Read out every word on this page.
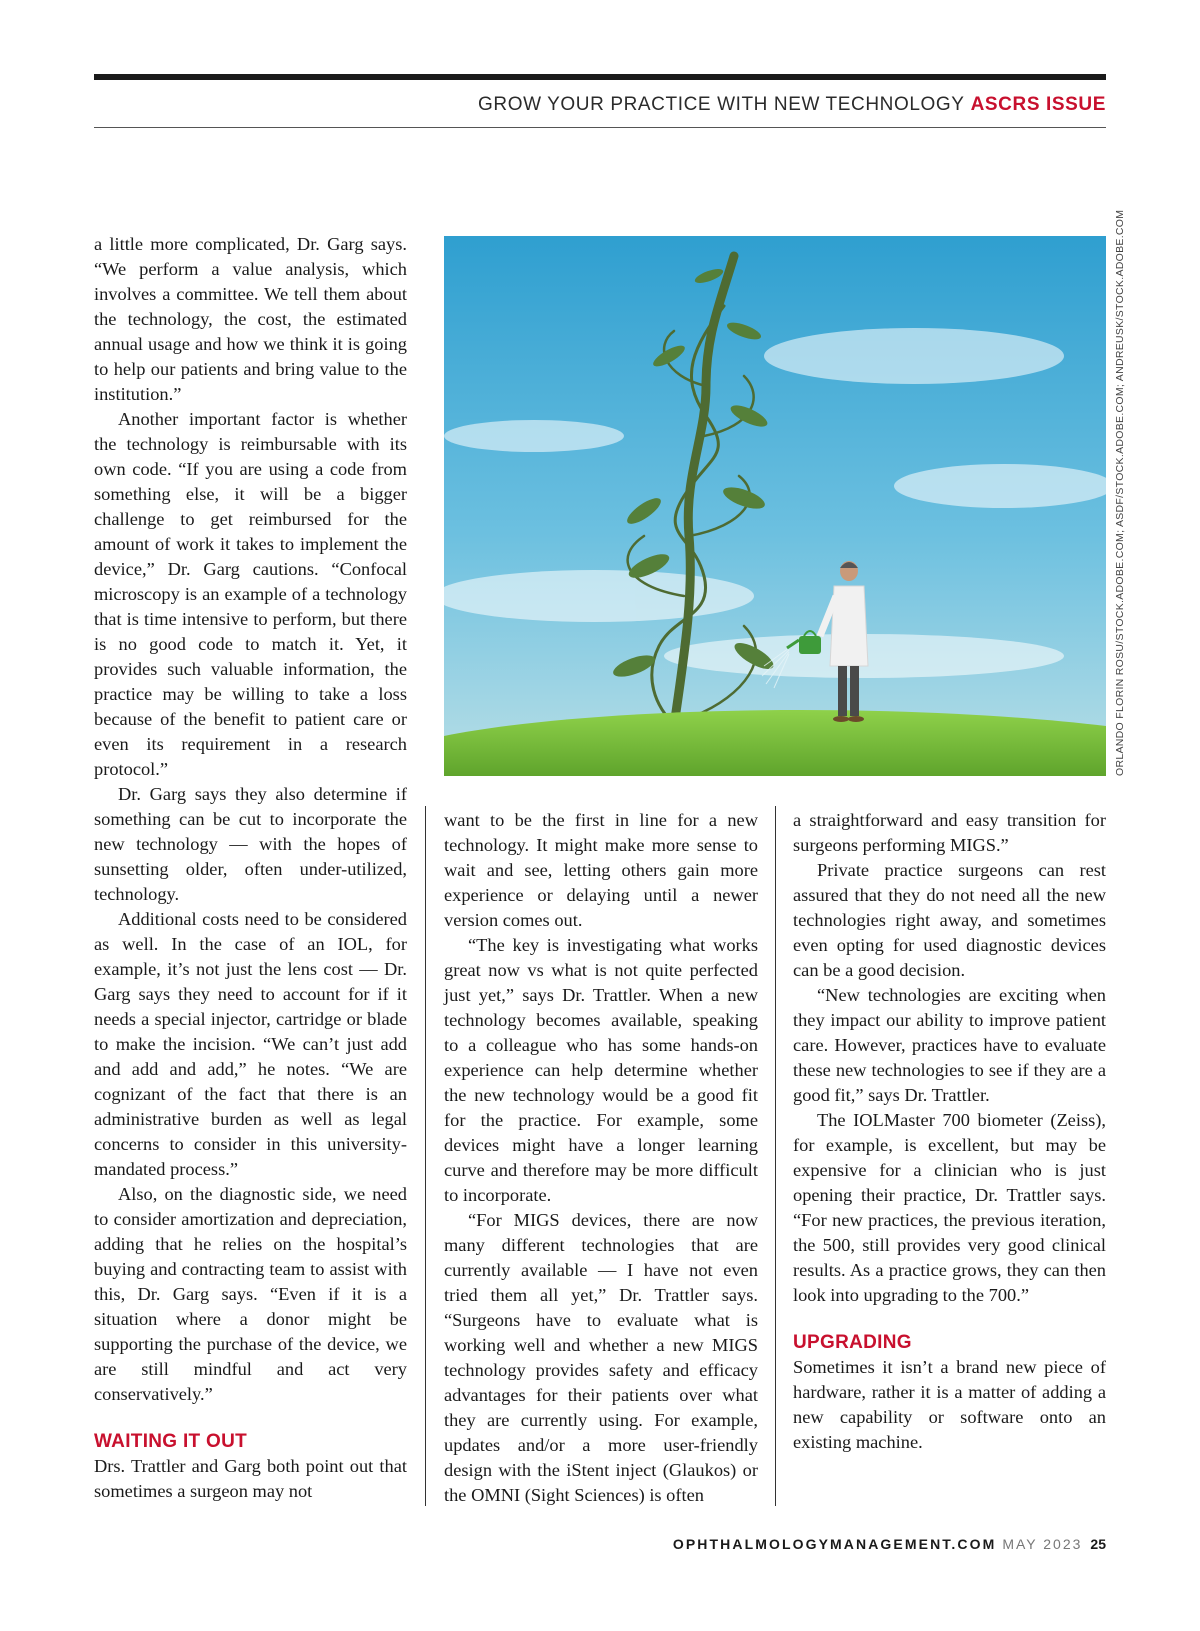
GROW YOUR PRACTICE WITH NEW TECHNOLOGY ASCRS ISSUE

a little more complicated, Dr. Garg says. “We perform a value analysis, which involves a committee. We tell them about the technology, the cost, the estimated annual usage and how we think it is going to help our patients and bring value to the institution.”

Another important factor is whether the technology is reimbursable with its own code. “If you are using a code from something else, it will be a bigger challenge to get reimbursed for the amount of work it takes to implement the device,” Dr. Garg cautions. “Confocal microscopy is an example of a technology that is time intensive to perform, but there is no good code to match it. Yet, it provides such valuable information, the practice may be willing to take a loss because of the benefit to patient care or even its requirement in a research protocol.”

Dr. Garg says they also determine if something can be cut to incorporate the new technology — with the hopes of sunsetting older, often under-utilized, technology.

Additional costs need to be considered as well. In the case of an IOL, for example, it’s not just the lens cost — Dr. Garg says they need to account for if it needs a special injector, cartridge or blade to make the incision. “We can’t just add and add and add,” he notes. “We are cognizant of the fact that there is an administrative burden as well as legal concerns to consider in this university-mandated process.”

Also, on the diagnostic side, we need to consider amortization and depreciation, adding that he relies on the hospital’s buying and contracting team to assist with this, Dr. Garg says. “Even if it is a situation where a donor might be supporting the purchase of the device, we are still mindful and act very conservatively.”

WAITING IT OUT

Drs. Trattler and Garg both point out that sometimes a surgeon may not

ORLANDO FLORIN ROSU/STOCK.ADOBE.COM; ASDF/STOCK.ADOBE.COM; ANDREUSK/STOCK.ADOBE.COM

want to be the first in line for a new technology. It might make more sense to wait and see, letting others gain more experience or delaying until a newer version comes out.

“The key is investigating what works great now vs what is not quite perfected just yet,” says Dr. Trattler. When a new technology becomes available, speaking to a colleague who has some hands-on experience can help determine whether the new technology would be a good fit for the practice. For example, some devices might have a longer learning curve and therefore may be more difficult to incorporate.

“For MIGS devices, there are now many different technologies that are currently available — I have not even tried them all yet,” Dr. Trattler says. “Surgeons have to evaluate what is working well and whether a new MIGS technology provides safety and efficacy advantages for their patients over what they are currently using. For example, updates and/or a more user-friendly design with the iStent inject (Glaukos) or the OMNI (Sight Sciences) is often

a straightforward and easy transition for surgeons performing MIGS.”

Private practice surgeons can rest assured that they do not need all the new technologies right away, and sometimes even opting for used diagnostic devices can be a good decision.

“New technologies are exciting when they impact our ability to improve patient care. However, practices have to evaluate these new technologies to see if they are a good fit,” says Dr. Trattler.

The IOLMaster 700 biometer (Zeiss), for example, is excellent, but may be expensive for a clinician who is just opening their practice, Dr. Trattler says. “For new practices, the previous iteration, the 500, still provides very good clinical results. As a practice grows, they can then look into upgrading to the 700.”

UPGRADING

Sometimes it isn’t a brand new piece of hardware, rather it is a matter of adding a new capability or software onto an existing machine.

OPHTHALMOLOGYMANAGEMENT.COM MAY 2023 25
